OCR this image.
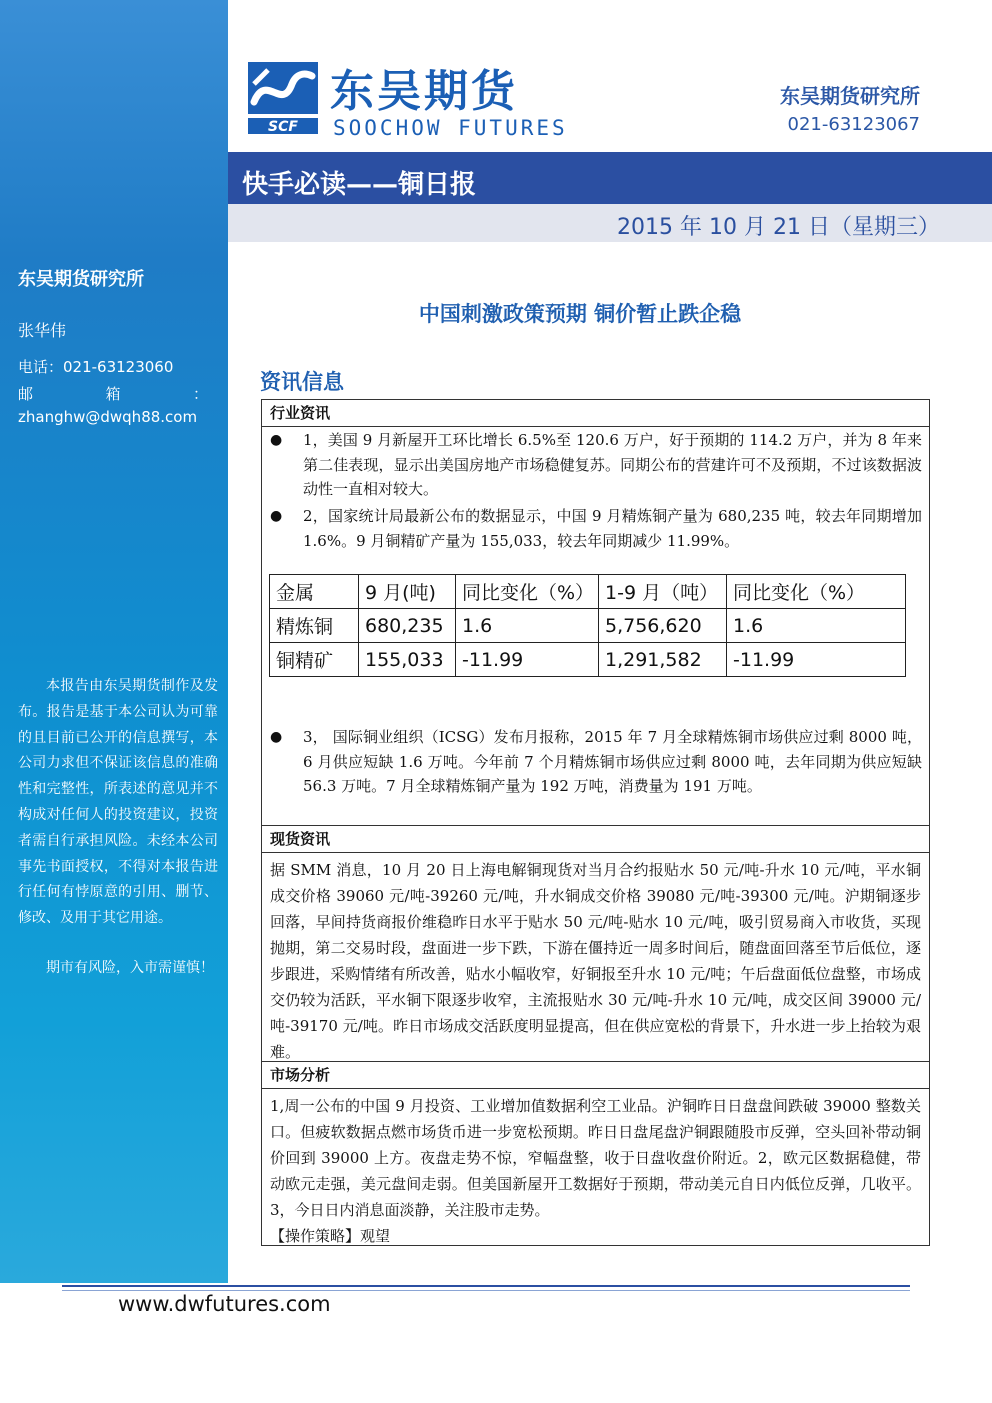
东吴期货研究所
张华伟
电话：021-63123060
邮	箱	：
zhanghw@dwqh88.com
本报告由东吴期货制作及发布。报告是基于本公司认为可靠的且目前已公开的信息撰写，本公司力求但不保证该信息的准确性和完整性，所表述的意见并不构成对任何人的投资建议，投资者需自行承担风险。未经本公司事先书面授权，不得对本报告进行任何有悖原意的引用、删节、修改、及用于其它用途。
期市有风险，入市需谨慎！
SCF
东吴期货
SOOCHOW FUTURES
东吴期货研究所
021-63123067
快手必读——铜日报
2015 年 10 月 21 日（星期三）
中国刺激政策预期 铜价暂止跌企稳
资讯信息
行业资讯
● 1，美国 9 月新屋开工环比增长 6.5%至 120.6 万户，好于预期的 114.2 万户，并为 8 年来第二佳表现，显示出美国房地产市场稳健复苏。同期公布的营建许可不及预期，不过该数据波动性一直相对较大。
● 2，国家统计局最新公布的数据显示，中国 9 月精炼铜产量为 680,235 吨，较去年同期增加 1.6%。9 月铜精矿产量为 155,033，较去年同期减少 11.99%。
金属	9 月(吨)	同比变化（%）	1-9 月（吨）	同比变化（%）
精炼铜	680,235	1.6	5,756,620	1.6
铜精矿	155,033	-11.99	1,291,582	-11.99
● 3， 国际铜业组织（ICSG）发布月报称，2015 年 7 月全球精炼铜市场供应过剩 8000 吨，6 月供应短缺 1.6 万吨。今年前 7 个月精炼铜市场供应过剩 8000 吨，去年同期为供应短缺 56.3 万吨。7 月全球精炼铜产量为 192 万吨，消费量为 191 万吨。
现货资讯
据 SMM 消息，10 月 20 日上海电解铜现货对当月合约报贴水 50 元/吨-升水 10 元/吨，平水铜成交价格 39060 元/吨-39260 元/吨，升水铜成交价格 39080 元/吨-39300 元/吨。沪期铜逐步回落，早间持货商报价维稳昨日水平于贴水 50 元/吨-贴水 10 元/吨，吸引贸易商入市收货，买现抛期，第二交易时段，盘面进一步下跌，下游在僵持近一周多时间后，随盘面回落至节后低位，逐步跟进，采购情绪有所改善，贴水小幅收窄，好铜报至升水 10 元/吨；午后盘面低位盘整，市场成交仍较为活跃，平水铜下限逐步收窄，主流报贴水 30 元/吨-升水 10 元/吨，成交区间 39000 元/吨-39170 元/吨。昨日市场成交活跃度明显提高，但在供应宽松的背景下，升水进一步上抬较为艰难。
市场分析
1,周一公布的中国 9 月投资、工业增加值数据利空工业品。沪铜昨日日盘盘间跌破 39000 整数关口。但疲软数据点燃市场货币进一步宽松预期。昨日日盘尾盘沪铜跟随股市反弹，空头回补带动铜价回到 39000 上方。夜盘走势不惊，窄幅盘整，收于日盘收盘价附近。2，欧元区数据稳健，带动欧元走强，美元盘间走弱。但美国新屋开工数据好于预期，带动美元自日内低位反弹，几收平。3，今日日内消息面淡静，关注股市走势。
【操作策略】观望
www.dwfutures.com
